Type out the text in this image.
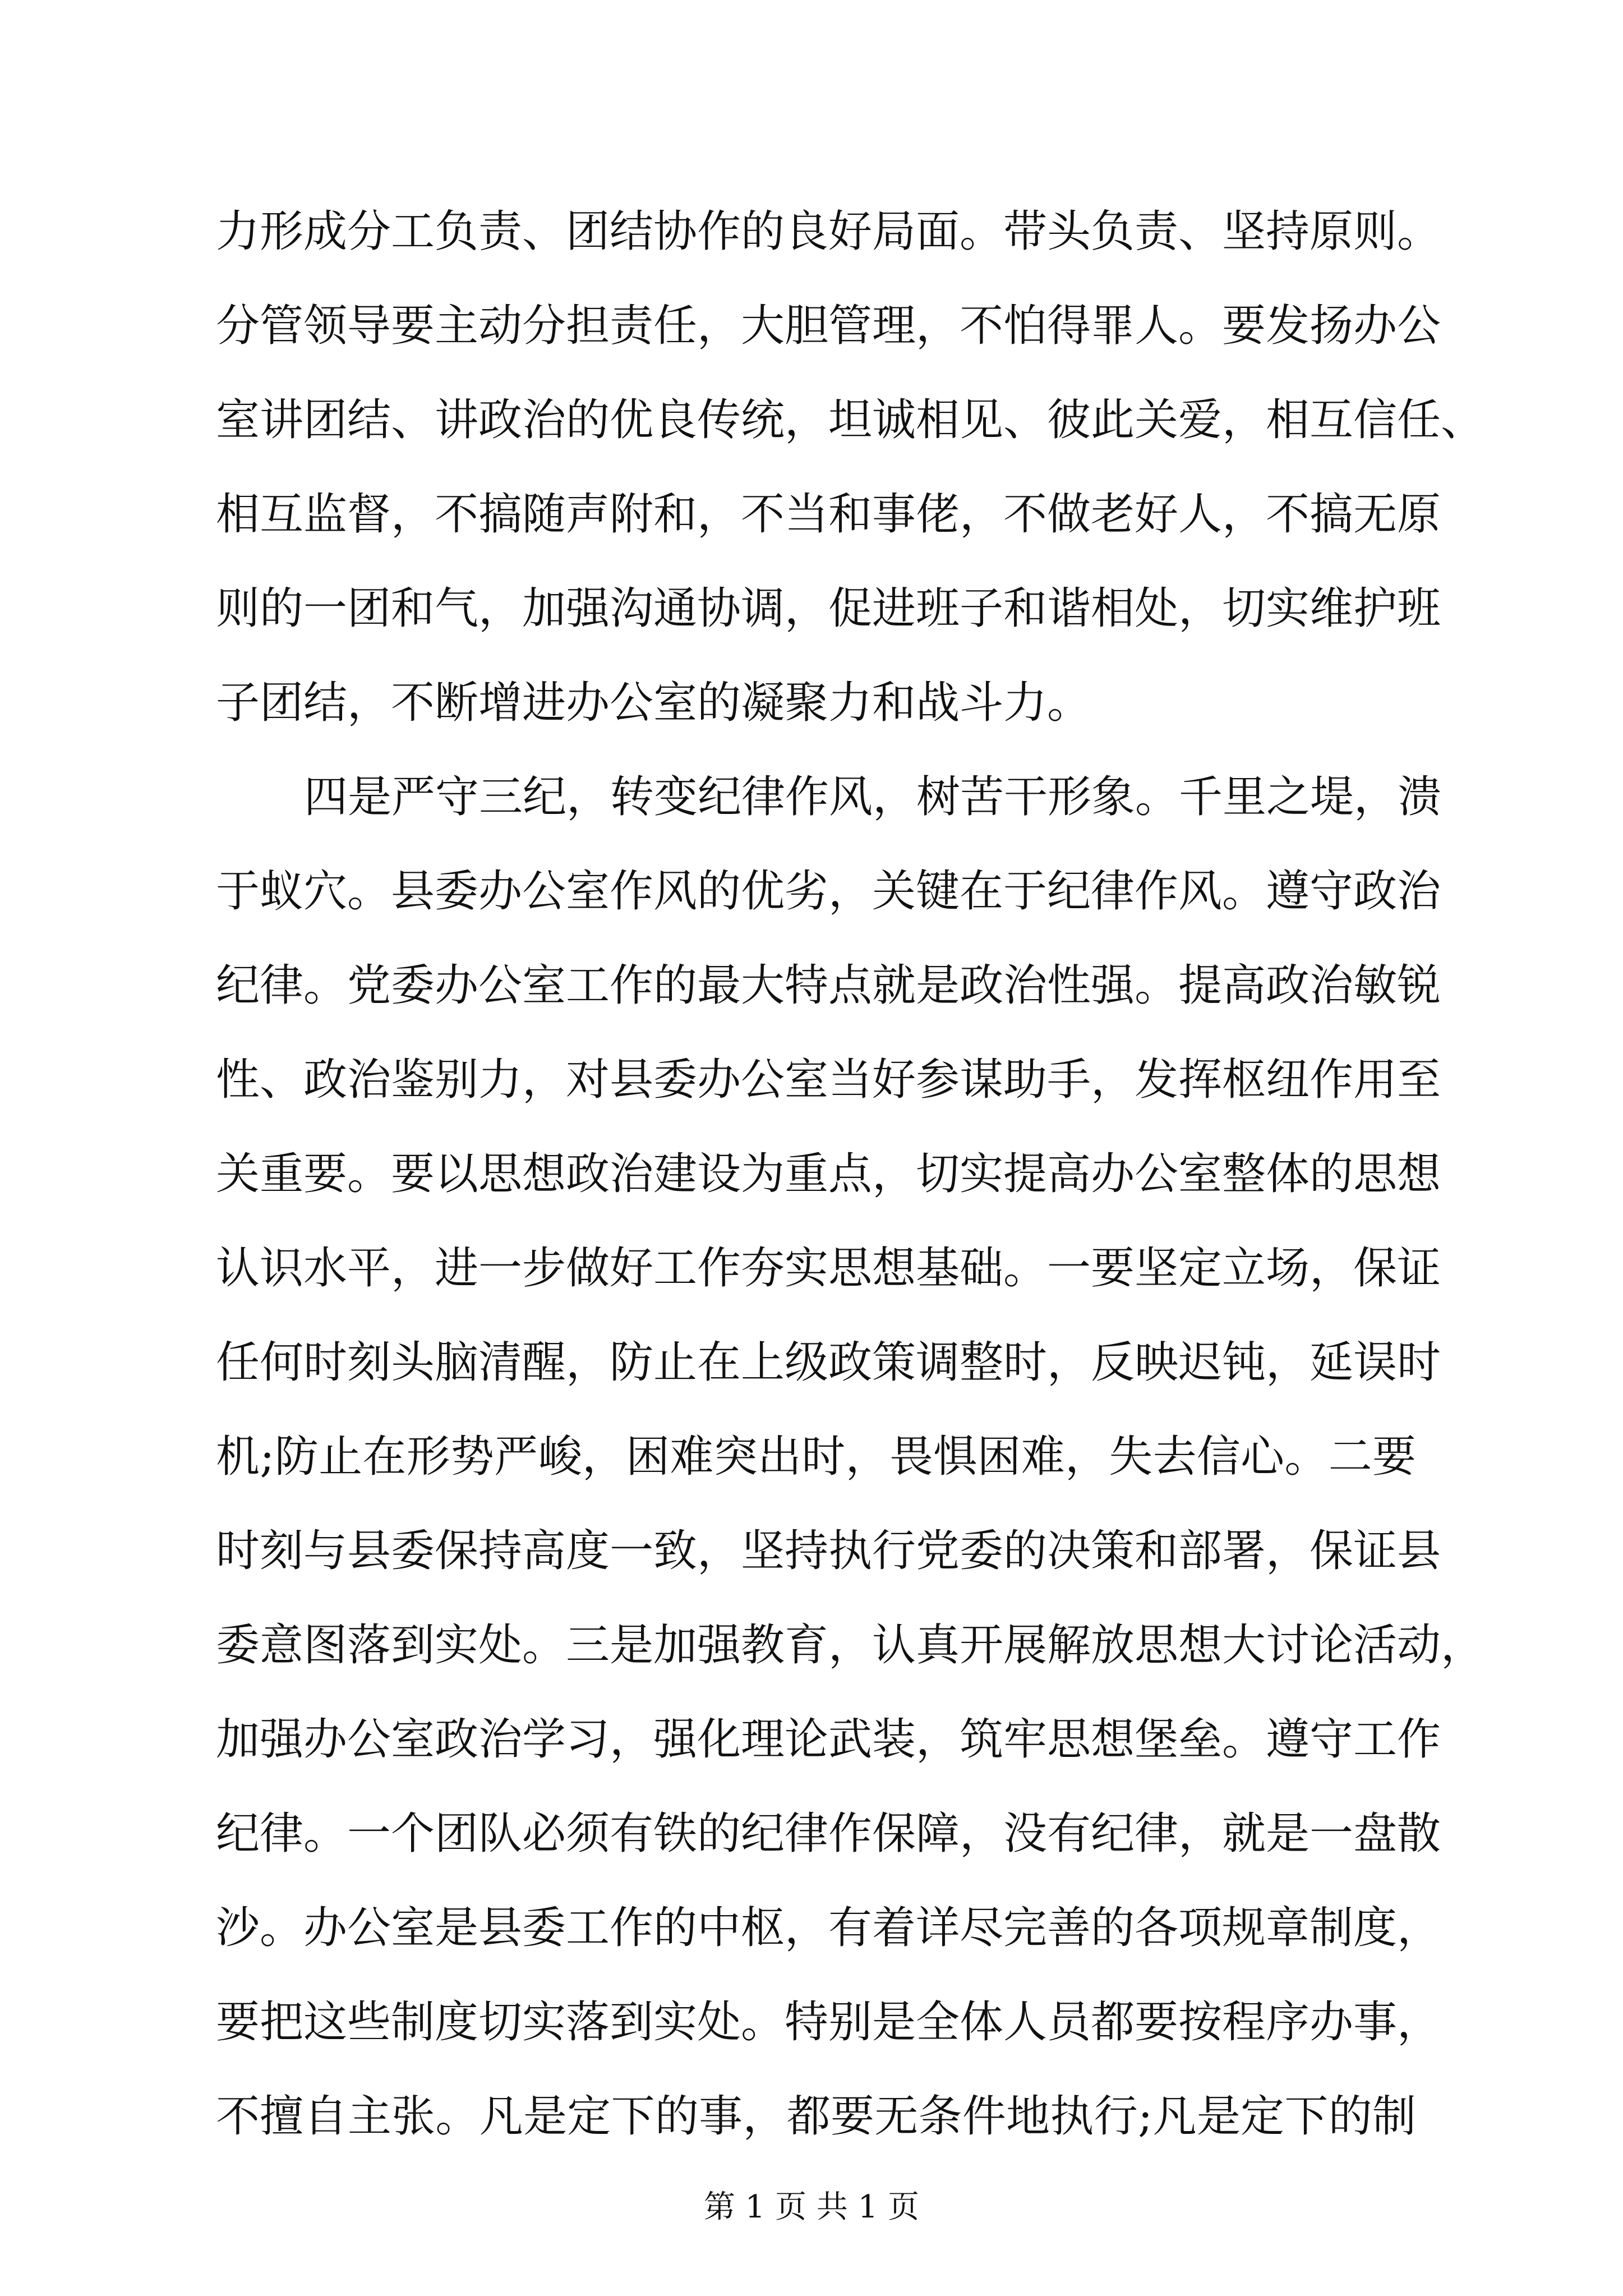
力形成分工负责、团结协作的良好局面。带头负责、坚持原则。
分管领导要主动分担责任，大胆管理，不怕得罪人。要发扬办公
室讲团结、讲政治的优良传统，坦诚相见、彼此关爱，相互信任、
相互监督，不搞随声附和，不当和事佬，不做老好人，不搞无原
则的一团和气，加强沟通协调，促进班子和谐相处，切实维护班
子团结，不断增进办公室的凝聚力和战斗力。
四是严守三纪，转变纪律作风，树苦干形象。千里之堤，溃
于蚁穴。县委办公室作风的优劣，关键在于纪律作风。遵守政治
纪律。党委办公室工作的最大特点就是政治性强。提高政治敏锐
性、政治鉴别力，对县委办公室当好参谋助手，发挥枢纽作用至
关重要。要以思想政治建设为重点，切实提高办公室整体的思想
认识水平，进一步做好工作夯实思想基础。一要坚定立场，保证
任何时刻头脑清醒，防止在上级政策调整时，反映迟钝，延误时
机;防止在形势严峻，困难突出时，畏惧困难，失去信心。二要
时刻与县委保持高度一致，坚持执行党委的决策和部署，保证县
委意图落到实处。三是加强教育，认真开展解放思想大讨论活动，
加强办公室政治学习，强化理论武装，筑牢思想堡垒。遵守工作
纪律。一个团队必须有铁的纪律作保障，没有纪律，就是一盘散
沙。办公室是县委工作的中枢，有着详尽完善的各项规章制度，
要把这些制度切实落到实处。特别是全体人员都要按程序办事，
不擅自主张。凡是定下的事，都要无条件地执行;凡是定下的制
第 1 页 共 1 页
